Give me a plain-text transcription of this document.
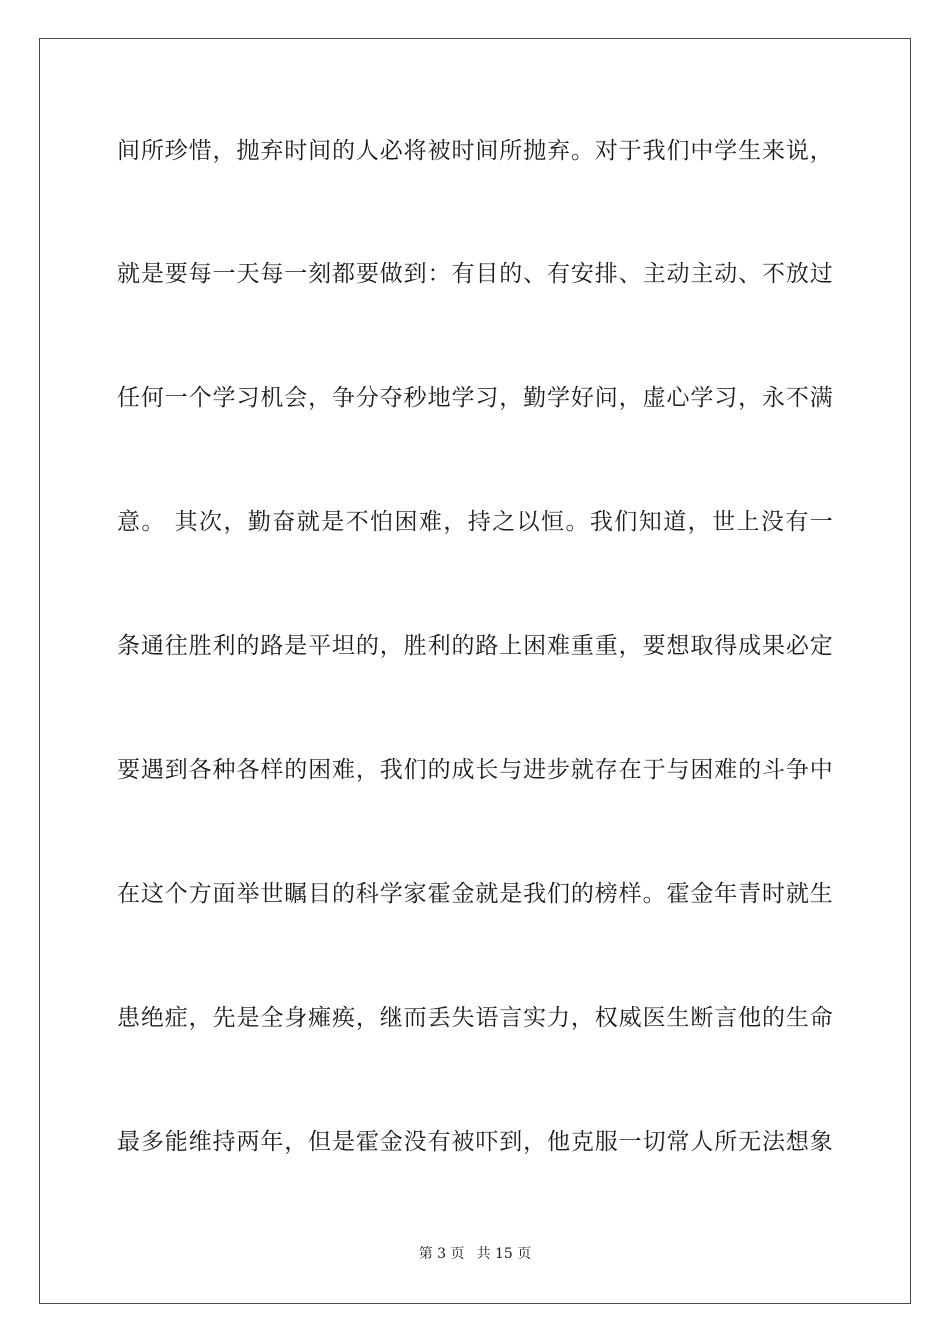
间所珍惜，抛弃时间的人必将被时间所抛弃。对于我们中学生来说，
就是要每一天每一刻都要做到：有目的、有安排、主动主动、不放过
任何一个学习机会，争分夺秒地学习，勤学好问，虚心学习，永不满
意。 其次，勤奋就是不怕困难，持之以恒。我们知道，世上没有一
条通往胜利的路是平坦的，胜利的路上困难重重，要想取得成果必定
要遇到各种各样的困难，我们的成长与进步就存在于与困难的斗争中
在这个方面举世瞩目的科学家霍金就是我们的榜样。霍金年青时就生
患绝症，先是全身瘫痪，继而丢失语言实力，权威医生断言他的生命
最多能维持两年，但是霍金没有被吓到，他克服一切常人所无法想象
第 3 页 共 15 页
